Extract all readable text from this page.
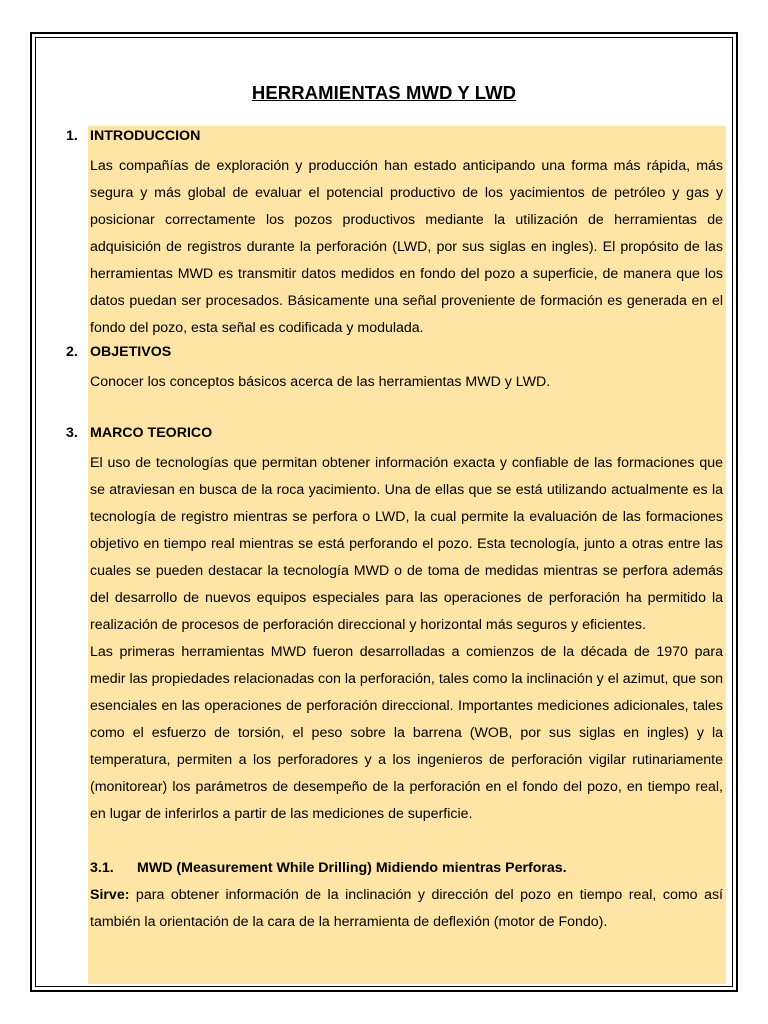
HERRAMIENTAS MWD Y LWD
1. INTRODUCCION

Las compañías de exploración y producción han estado anticipando una forma más rápida, más segura y más global de evaluar el potencial productivo de los yacimientos de petróleo y gas y posicionar correctamente los pozos productivos mediante la utilización de herramientas de adquisición de registros durante la perforación (LWD, por sus siglas en ingles). El propósito de las herramientas MWD es transmitir datos medidos en fondo del pozo a superficie, de manera que los datos puedan ser procesados. Básicamente una señal proveniente de formación es generada en el fondo del pozo, esta señal es codificada y modulada.

2. OBJETIVOS

Conocer los conceptos básicos acerca de las herramientas MWD y LWD.

3. MARCO TEORICO

El uso de tecnologías que permitan obtener información exacta y confiable de las formaciones que se atraviesan en busca de la roca yacimiento. Una de ellas que se está utilizando actualmente es la tecnología de registro mientras se perfora o LWD, la cual permite la evaluación de las formaciones objetivo en tiempo real mientras se está perforando el pozo. Esta tecnología, junto a otras entre las cuales se pueden destacar la tecnología MWD o de toma de medidas mientras se perfora además del desarrollo de nuevos equipos especiales para las operaciones de perforación ha permitido la realización de procesos de perforación direccional y horizontal más seguros y eficientes.

Las primeras herramientas MWD fueron desarrolladas a comienzos de la década de 1970 para medir las propiedades relacionadas con la perforación, tales como la inclinación y el azimut, que son esenciales en las operaciones de perforación direccional. Importantes mediciones adicionales, tales como el esfuerzo de torsión, el peso sobre la barrena (WOB, por sus siglas en ingles) y la temperatura, permiten a los perforadores y a los ingenieros de perforación vigilar rutinariamente (monitorear) los parámetros de desempeño de la perforación en el fondo del pozo, en tiempo real, en lugar de inferirlos a partir de las mediciones de superficie.

3.1. MWD (Measurement While Drilling) Midiendo mientras Perforas.

Sirve: para obtener información de la inclinación y dirección del pozo en tiempo real, como así también la orientación de la cara de la herramienta de deflexión (motor de Fondo).
